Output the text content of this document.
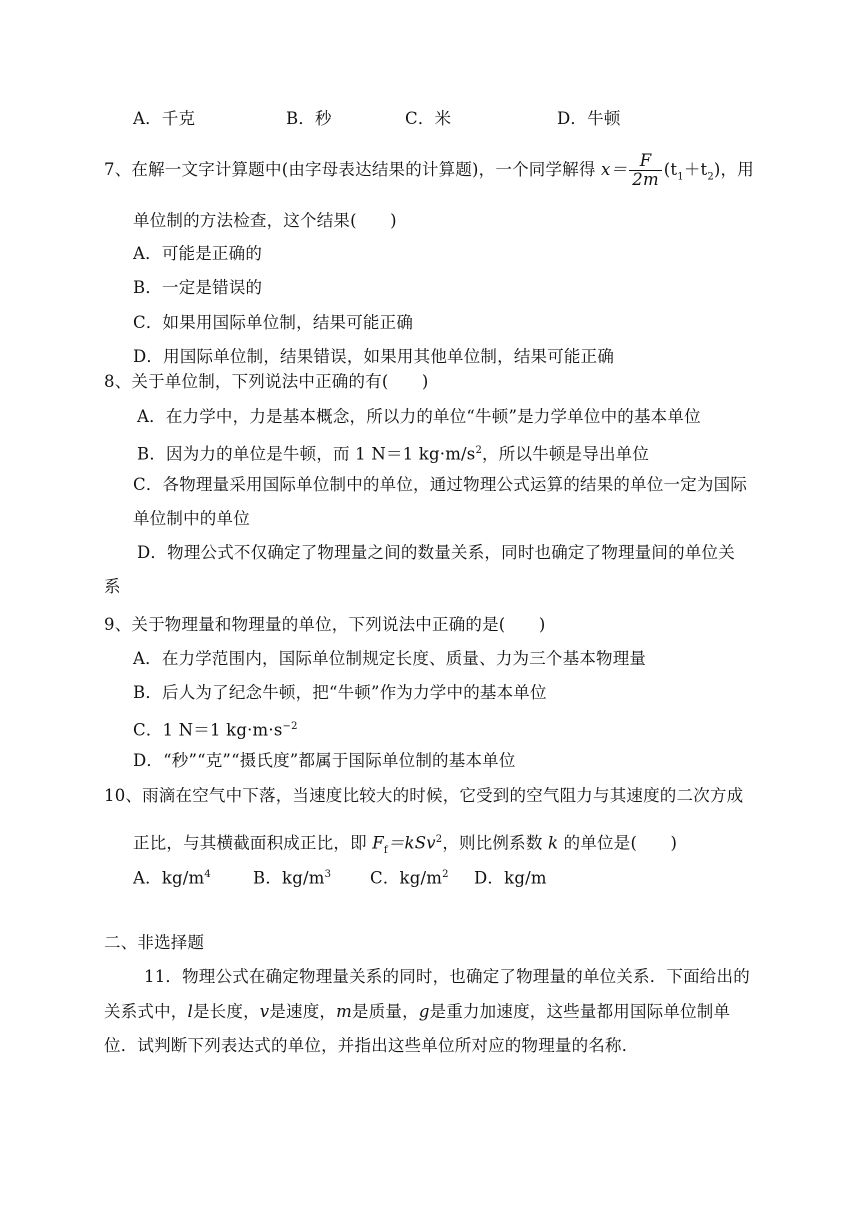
A．千克	B．秒	C．米	D．牛顿
7、在解一文字计算题中(由字母表达结果的计算题)，一个同学解得 $x= \frac{F}{2m} (t_1+t_2)$，用
单位制的方法检查，这个结果(　　)
A．可能是正确的
B．一定是错误的
C．如果用国际单位制，结果可能正确
D．用国际单位制，结果错误，如果用其他单位制，结果可能正确
8、关于单位制，下列说法中正确的有(　　)
A．在力学中，力是基本概念，所以力的单位“牛顿”是力学单位中的基本单位
B．因为力的单位是牛顿，而 1 N＝1 $kg\cdot m/s^2$，所以牛顿是导出单位
C．各物理量采用国际单位制中的单位，通过物理公式运算的结果的单位一定为国际
单位制中的单位
D．物理公式不仅确定了物理量之间的数量关系，同时也确定了物理量间的单位关
系
9、关于物理量和物理量的单位，下列说法中正确的是(　　)
A．在力学范围内，国际单位制规定长度、质量、力为三个基本物理量
B．后人为了纪念牛顿，把“牛顿”作为力学中的基本单位
C．1 N＝1 $kg\cdot m\cdot s^{-2}$
D．“秒”“克”“摄氏度”都属于国际单位制的基本单位
10、雨滴在空气中下落，当速度比较大的时候，它受到的空气阻力与其速度的二次方成
正比，与其横截面积成正比，即 $F_f=kSv^2$，则比例系数 k 的单位是(　　)
A．$kg/m^4$	B．$kg/m^3$ C．$kg/m^2$ D．kg/m
二、非选择题
11．物理公式在确定物理量关系的同时，也确定了物理量的单位关系．下面给出的
关系式中，l是长度，v是速度，m是质量，g是重力加速度，这些量都用国际单位制单
位．试判断下列表达式的单位，并指出这些单位所对应的物理量的名称．
